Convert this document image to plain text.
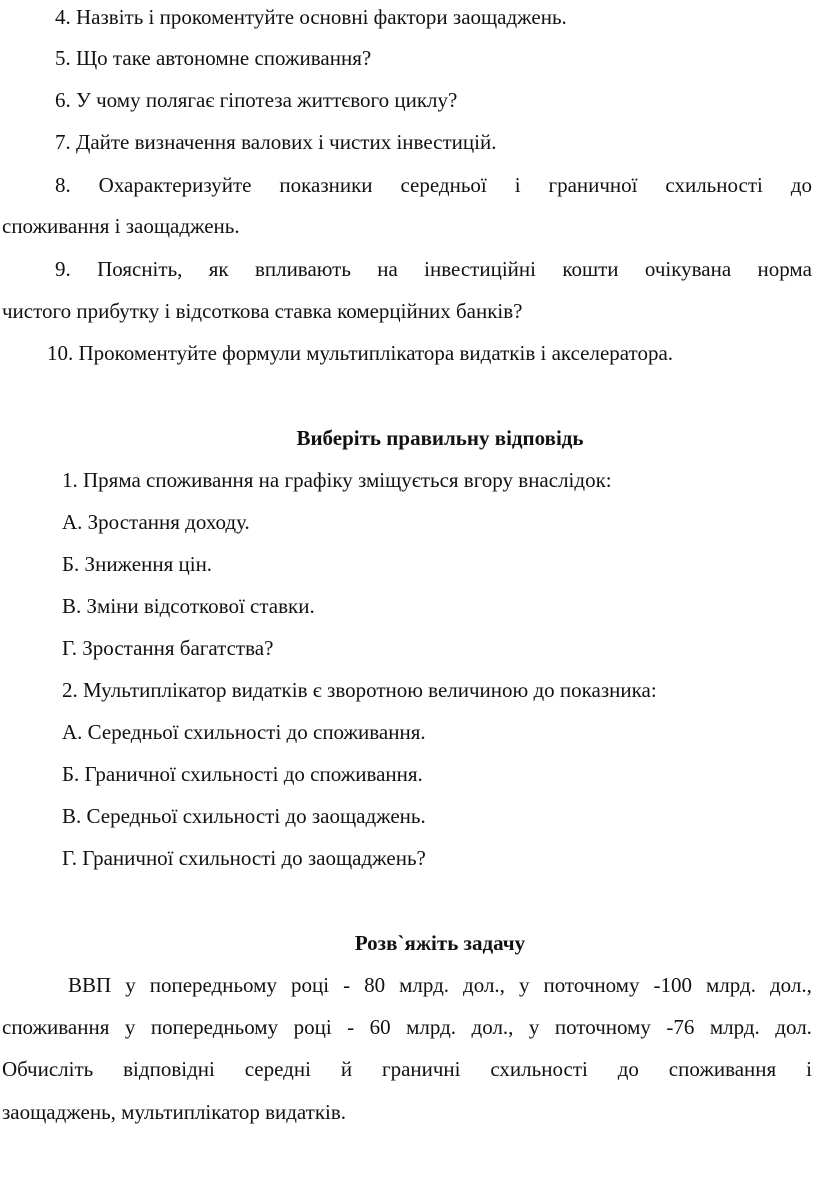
4. Назвіть і прокоментуйте основні фактори заощаджень.
5. Що таке автономне споживання?
6. У чому полягає гіпотеза життєвого циклу?
7. Дайте визначення валових і чистих інвестицій.
8. Охарактеризуйте показники середньої і граничної схильності до
споживання і заощаджень.
9. Поясніть, як впливають на інвестиційні кошти очікувана норма
чистого прибутку і відсоткова ставка комерційних банків?
10. Прокоментуйте формули мультиплікатора видатків і акселератора.
Виберіть правильну відповідь
1. Пряма споживання на графіку зміщується вгору внаслідок:
А. Зростання доходу.
Б. Зниження цін.
В. Зміни відсоткової ставки.
Г. Зростання багатства?
2. Мультиплікатор видатків є зворотною величиною до показника:
А. Середньої схильності до споживання.
Б. Граничної схильності до споживання.
В. Середньої схильності до заощаджень.
Г. Граничної схильності до заощаджень?
Розв`яжіть задачу
ВВП у попередньому році - 80 млрд. дол., у поточному -100 млрд. дол.,
споживання у попередньому році - 60 млрд. дол., у поточному -76 млрд. дол.
Обчисліть відповідні середні й граничні схильності до споживання і
заощаджень, мультиплікатор видатків.
